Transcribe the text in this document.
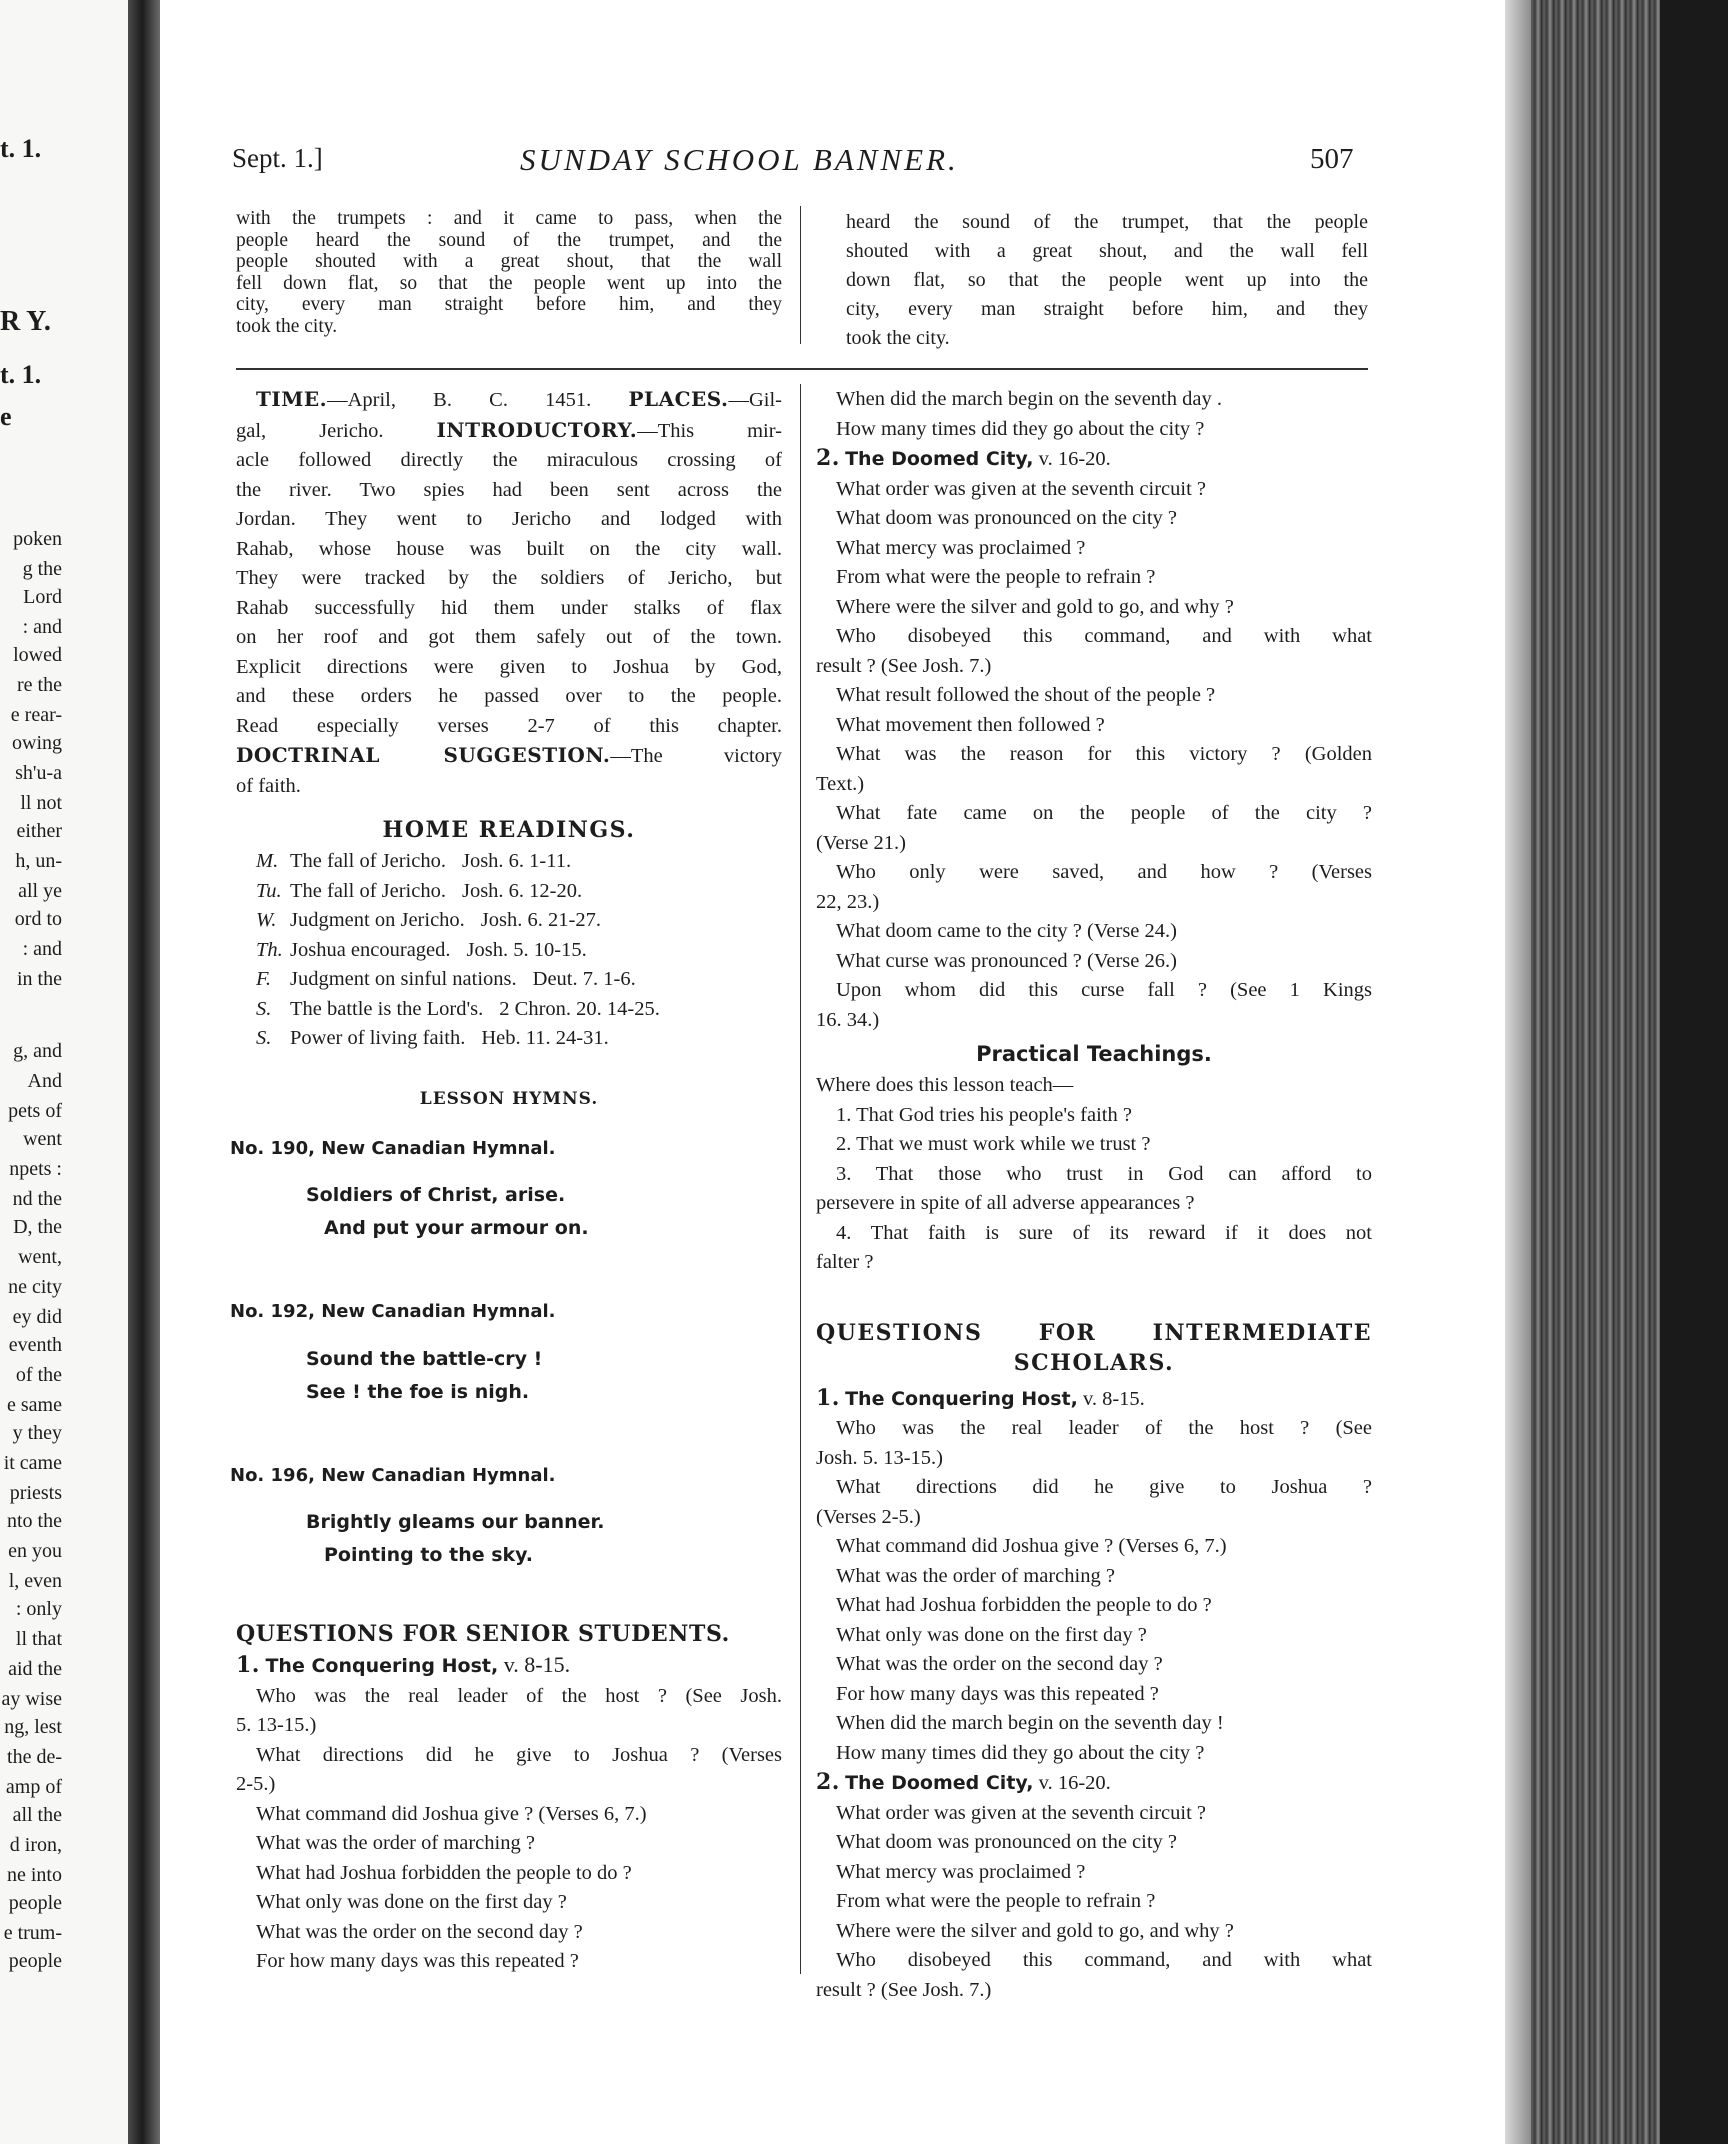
t. 1.
R Y.
t. 1.
e
poken
g the
Lord
: and
lowed
re the
e rear-
owing
sh'u-a
ll not
either
h, un-
all ye
ord to
: and
in the
g, and
And
pets of
went
npets :
nd the
D, the
went,
ne city
ey did
eventh
of the
e same
y they
it came
priests
nto the
en you
l, even
: only
ll that
aid the
ay wise
ng, lest
the de-
amp of
all the
d iron,
ne into
people
e trum-
people
Sept. 1.]	SUNDAY SCHOOL BANNER.	507
with the trumpets : and it came to pass, when the
people heard the sound of the trumpet, and the
people shouted with a great shout, that the wall
fell down flat, so that the people went up into the
city, every man straight before him, and they
took the city.
heard the sound of the trumpet, that the people
shouted with a great shout, and the wall fell
down flat, so that the people went up into the
city, every man straight before him, and they
took the city.
TIME.—April, B. C. 1451. PLACES.—Gil-
gal, Jericho.	INTRODUCTORY.—This mir-
acle followed directly the miraculous crossing of
the river. Two spies had been sent across the
Jordan. They went to Jericho and lodged with
Rahab, whose house was built on the city wall.
They were tracked by the soldiers of Jericho, but
Rahab successfully hid them under stalks of flax
on her roof and got them safely out of the town.
Explicit directions were given to Joshua by God,
and these orders he passed over to the people.
Read especially verses 2-7 of this chapter.
DOCTRINAL SUGGESTION.—The victory
of faith.
HOME READINGS.
M. The fall of Jericho. Josh. 6. 1-11.
Tu. The fall of Jericho. Josh. 6. 12-20.
W. Judgment on Jericho. Josh. 6. 21-27.
Th. Joshua encouraged. Josh. 5. 10-15.
F. Judgment on sinful nations. Deut. 7. 1-6.
S. The battle is the Lord's. 2 Chron. 20. 14-25.
S. Power of living faith. Heb. 11. 24-31.
LESSON HYMNS.
No. 190, New Canadian Hymnal.
Soldiers of Christ, arise.
And put your armour on.
No. 192, New Canadian Hymnal.
Sound the battle-cry !
See ! the foe is nigh.
No. 196, New Canadian Hymnal.
Brightly gleams our banner.
Pointing to the sky.
QUESTIONS FOR SENIOR STUDENTS.
1. The Conquering Host, v. 8-15.
Who was the real leader of the host ? (See Josh.
5. 13-15.)
What directions did he give to Joshua ? (Verses
2-5.)
What command did Joshua give ? (Verses 6, 7.)
What was the order of marching ?
What had Joshua forbidden the people to do ?
What only was done on the first day ?
What was the order on the second day ?
For how many days was this repeated ?
When did the march begin on the seventh day .
How many times did they go about the city ?
2. The Doomed City, v. 16-20.
What order was given at the seventh circuit ?
What doom was pronounced on the city ?
What mercy was proclaimed ?
From what were the people to refrain ?
Where were the silver and gold to go, and why ?
Who disobeyed this command, and with what
result ? (See Josh. 7.)
What result followed the shout of the people ?
What movement then followed ?
What was the reason for this victory ? (Golden
Text.)
What fate came on the people of the city ?
(Verse 21.)
Who only were saved, and how ? (Verses
22, 23.)
What doom came to the city ? (Verse 24.)
What curse was pronounced ? (Verse 26.)
Upon whom did this curse fall ? (See 1 Kings
16. 34.)
Practical Teachings.
Where does this lesson teach—
1. That God tries his people's faith ?
2. That we must work while we trust ?
3. That those who trust in God can afford to
persevere in spite of all adverse appearances ?
4. That faith is sure of its reward if it does not
falter ?
QUESTIONS FOR INTERMEDIATE
SCHOLARS.
1. The Conquering Host, v. 8-15.
Who was the real leader of the host ? (See
Josh. 5. 13-15.)
What directions did he give to Joshua ?
(Verses 2-5.)
What command did Joshua give ? (Verses 6, 7.)
What was the order of marching ?
What had Joshua forbidden the people to do ?
What only was done on the first day ?
What was the order on the second day ?
For how many days was this repeated ?
When did the march begin on the seventh day !
How many times did they go about the city ?
2. The Doomed City, v. 16-20.
What order was given at the seventh circuit ?
What doom was pronounced on the city ?
What mercy was proclaimed ?
From what were the people to refrain ?
Where were the silver and gold to go, and why ?
Who disobeyed this command, and with what
result ? (See Josh. 7.)
